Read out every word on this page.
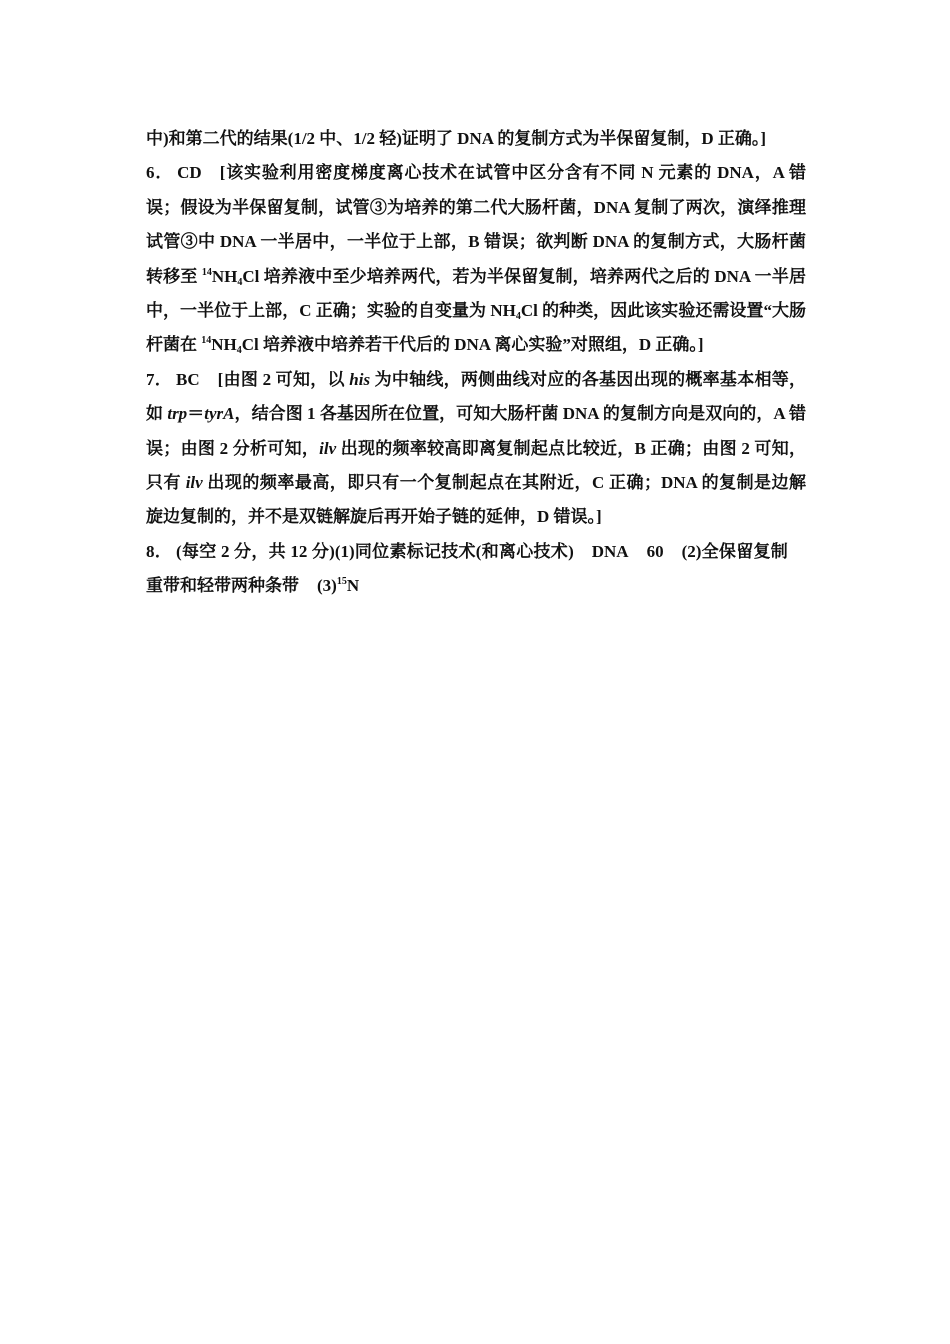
中)和第二代的结果(1/2 中、1/2 轻)证明了 DNA 的复制方式为半保留复制，D 正确。]

6． CD [该实验利用密度梯度离心技术在试管中区分含有不同 N 元素的 DNA，A 错误；假设为半保留复制，试管③为培养的第二代大肠杆菌，DNA 复制了两次，演绎推理试管③中 DNA 一半居中，一半位于上部，B 错误；欲判断 DNA 的复制方式，大肠杆菌转移至 $^{14}NH_4Cl$ 培养液中至少培养两代，若为半保留复制，培养两代之后的 DNA 一半居中，一半位于上部，C 正确；实验的自变量为 $NH_4Cl$ 的种类，因此该实验还需设置“大肠杆菌在 $^{14}NH_4Cl$ 培养液中培养若干代后的 DNA 离心实验”对照组，D 正确。]

7． BC [由图 2 可知，以 his 为中轴线，两侧曲线对应的各基因出现的概率基本相等，如 trp＝tyrA，结合图 1 各基因所在位置，可知大肠杆菌 DNA 的复制方向是双向的，A 错误；由图 2 分析可知，ilv 出现的频率较高即离复制起点比较近，B 正确；由图 2 可知，只有 ilv 出现的频率最高，即只有一个复制起点在其附近，C 正确；DNA 的复制是边解旋边复制的，并不是双链解旋后再开始子链的延伸，D 错误。]

8． (每空 2 分，共 12 分)(1)同位素标记技术(和离心技术) DNA 60 (2)全保留复制重带和轻带两种条带 $(3)^{15}N$
